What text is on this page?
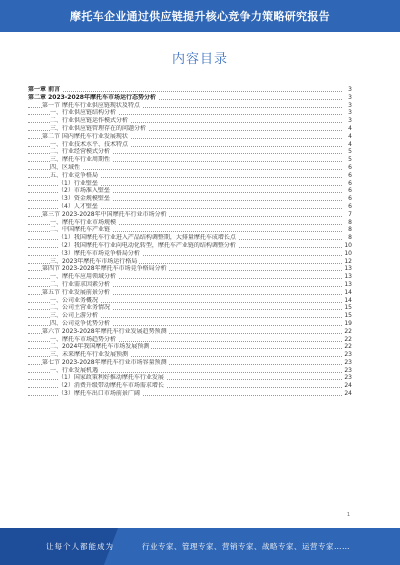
摩托车企业通过供应链提升核心竞争力策略研究报告
内容目录
第一章 前言	3
第二章 2023-2028年摩托车市场运行态势分析	3
第一节 摩托车行业供应链现状及特点	3
一、行业供应链结构分析	3
二、行业供应链运作模式分析	3
三、行业供应链管理存在的问题分析	4
第二节 国内摩托车行业发展现状	4
一、行业技术水平、技术特点	4
二、行业经营模式分析	5
三、摩托车行业周期性	5
四、区域性	6
五、行业竞争格局	6
（1）行业壁垒	6
（2）市场准入壁垒	6
（3）资金规模壁垒	6
（4）人才壁垒	6
第三节 2023-2028年中国摩托车行业市场分析	7
一、摩托车行业市场规模	8
二、中国摩托车产业链	8
（1）我国摩托车行业进入产品结构调整期，大排量摩托车成增长点	8
（2）我国摩托车行业向电动化转型，摩托车产业链的结构调整分析	10
（3）摩托车市场竞争格局分析	10
三、2023年摩托车市场运行格局	12
第四节 2023-2028年摩托车市场竞争格局分析	13
一、摩托车应用领域分析	13
二、行业需求因素分析	13
第五节 行业发展前景分析	14
一、公司业务概况	14
二、公司主营业务情况	15
三、公司上游分析	15
四、公司竞争优势分析	19
第六节 2023-2028年摩托车行业发展趋势预测	22
一、摩托车市场趋势分析	22
二、2024年我国摩托车市场发展预测	22
三、未来摩托车行业发展预测	23
第七节 2023-2028年摩托车行业市场容量预测	23
一、行业发展机遇	23
（1）国家政策利好推动摩托车行业发展	23
（2）消费升级带动摩托车市场需求增长	24
（3）摩托车出口市场前景广阔	24
1
让每个人都能成为	行业专家、管理专家、营销专家、战略专家、运营专家……
